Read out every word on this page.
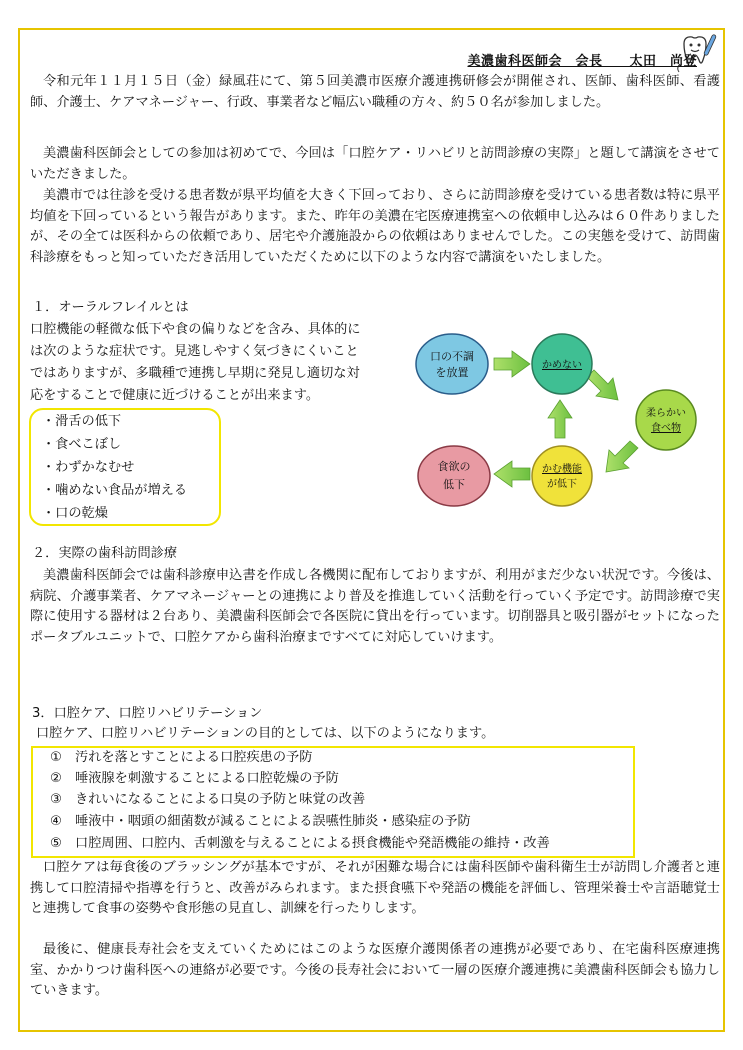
美濃歯科医師会　会長　　太田　尚登
令和元年１１月１５日（金）緑風荘にて、第５回美濃市医療介護連携研修会が開催され、医師、歯科医師、看護師、介護士、ケアマネージャー、行政、事業者など幅広い職種の方々、約５０名が参加しました。
美濃歯科医師会としての参加は初めてで、今回は「口腔ケア・リハビリと訪問診療の実際」と題して講演をさせていただきました。
美濃市では往診を受ける患者数が県平均値を大きく下回っており、さらに訪問診療を受けている患者数は特に県平均値を下回っているという報告があります。また、昨年の美濃在宅医療連携室への依頼申し込みは６０件ありましたが、その全ては医科からの依頼であり、居宅や介護施設からの依頼はありませんでした。この実態を受けて、訪問歯科診療をもっと知っていただき活用していただくために以下のような内容で講演をいたしました。
１．オーラルフレイルとは
口腔機能の軽微な低下や食の偏りなどを含み、具体的に
は次のような症状です。見逃しやすく気づきにくいこと
ではありますが、多職種で連携し早期に発見し適切な対
応をすることで健康に近づけることが出来ます。
・滑舌の低下
・食べこぼし
・わずかなむせ
・噛めない食品が増える
・口の乾燥
口の不調
を放置
かめない
柔らかい
食べ物
かむ機能
が低下
食欲の
低下
２．実際の歯科訪問診療
美濃歯科医師会では歯科診療申込書を作成し各機関に配布しておりますが、利用がまだ少ない状況です。今後は、病院、介護事業者、ケアマネージャーとの連携により普及を推進していく活動を行っていく予定です。訪問診療で実際に使用する器材は２台あり、美濃歯科医師会で各医院に貸出を行っています。切削器具と吸引器がセットになったポータブルユニットで、口腔ケアから歯科治療まですべてに対応していけます。
3．口腔ケア、口腔リハビリテーション
口腔ケア、口腔リハビリテーションの目的としては、以下のようになります。
①　汚れを落とすことによる口腔疾患の予防
②　唾液腺を刺激することによる口腔乾燥の予防
③　きれいになることによる口臭の予防と味覚の改善
④　唾液中・咽頭の細菌数が減ることによる誤嚥性肺炎・感染症の予防
⑤　口腔周囲、口腔内、舌刺激を与えることによる摂食機能や発語機能の維持・改善
口腔ケアは毎食後のブラッシングが基本ですが、それが困難な場合には歯科医師や歯科衛生士が訪問し介護者と連携して口腔清掃や指導を行うと、改善がみられます。また摂食嚥下や発語の機能を評価し、管理栄養士や言語聴覚士と連携して食事の姿勢や食形態の見直し、訓練を行ったりします。
最後に、健康長寿社会を支えていくためにはこのような医療介護関係者の連携が必要であり、在宅歯科医療連携室、かかりつけ歯科医への連絡が必要です。今後の長寿社会において一層の医療介護連携に美濃歯科医師会も協力していきます。
